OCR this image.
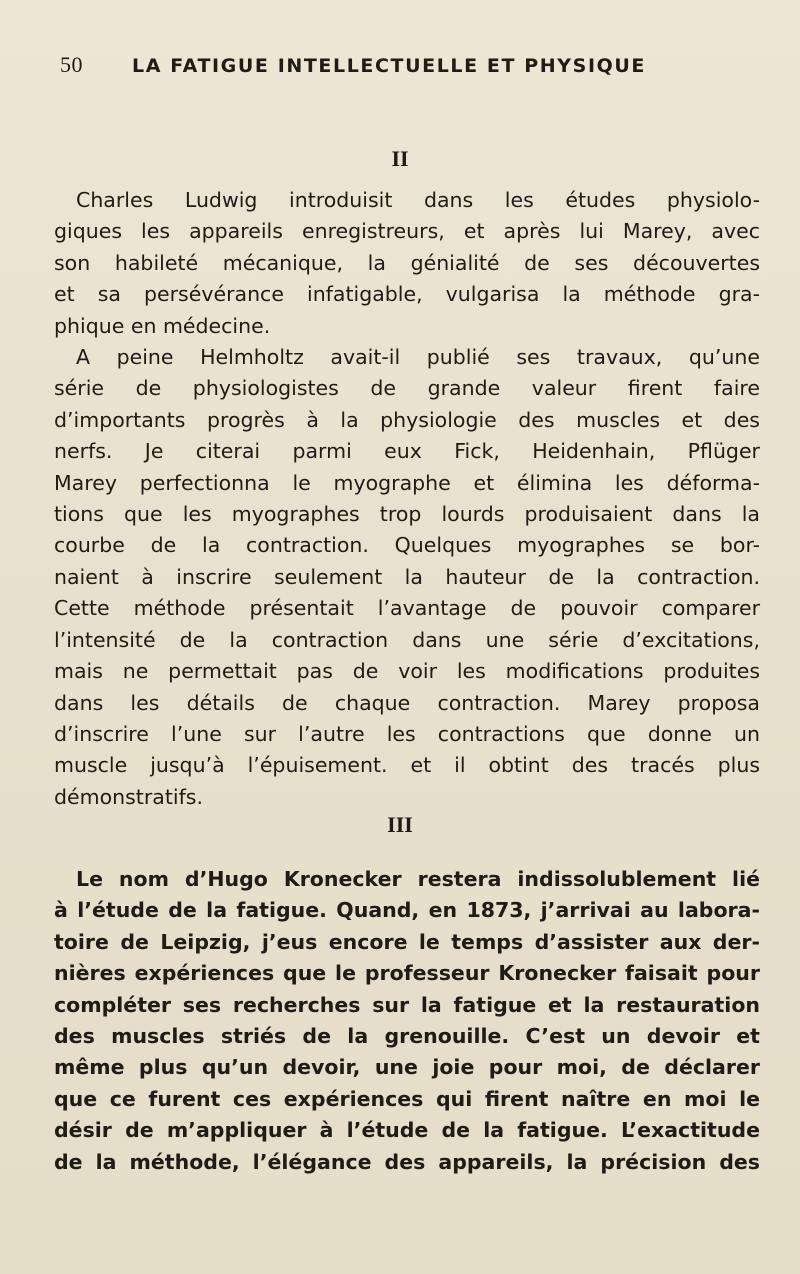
50	LA FATIGUE INTELLECTUELLE ET PHYSIQUE
II
Charles Ludwig introduisit dans les études physiolo-
giques les appareils enregistreurs, et après lui Marey, avec
son habileté mécanique, la génialité de ses découvertes
et sa persévérance infatigable, vulgarisa la méthode gra-
phique en médecine.
A peine Helmholtz avait-il publié ses travaux, qu’une
série de physiologistes de grande valeur firent faire
d’importants progrès à la physiologie des muscles et des
nerfs. Je citerai parmi eux Fick, Heidenhain, Pflüger
Marey perfectionna le myographe et élimina les déforma-
tions que les myographes trop lourds produisaient dans la
courbe de la contraction. Quelques myographes se bor-
naient à inscrire seulement la hauteur de la contraction.
Cette méthode présentait l’avantage de pouvoir comparer
l’intensité de la contraction dans une série d’excitations,
mais ne permettait pas de voir les modifications produites
dans les détails de chaque contraction. Marey proposa
d’inscrire l’une sur l’autre les contractions que donne un
muscle jusqu’à l’épuisement. et il obtint des tracés plus
démonstratifs.
III
Le nom d’Hugo Kronecker restera indissolublement lié
à l’étude de la fatigue. Quand, en 1873, j’arrivai au labora-
toire de Leipzig, j’eus encore le temps d’assister aux der-
nières expériences que le professeur Kronecker faisait pour
compléter ses recherches sur la fatigue et la restauration
des muscles striés de la grenouille. C’est un devoir et
même plus qu’un devoir, une joie pour moi, de déclarer
que ce furent ces expériences qui firent naître en moi le
désir de m’appliquer à l’étude de la fatigue. L’exactitude
de la méthode, l’élégance des appareils, la précision des
